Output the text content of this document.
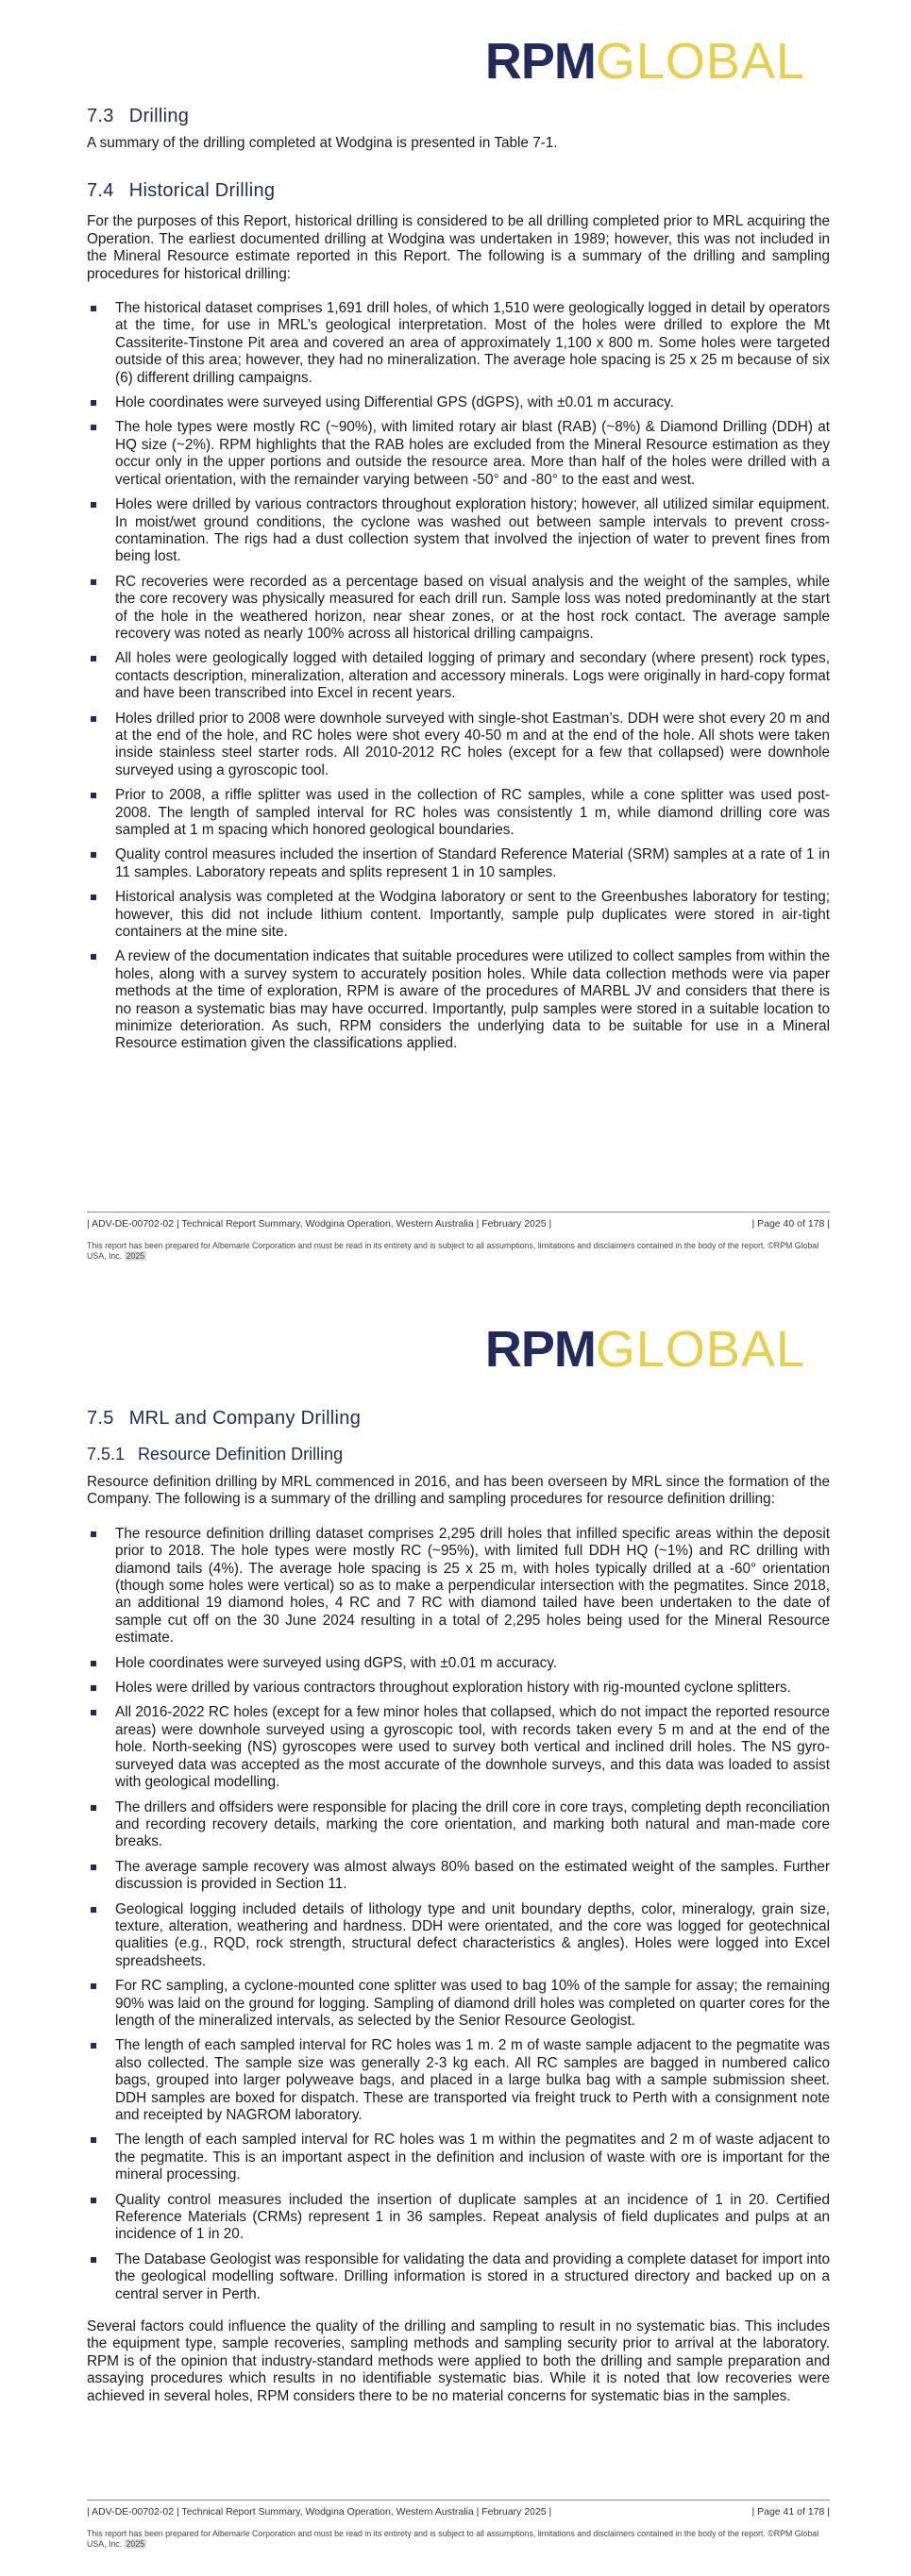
RPM GLOBAL
7.3 Drilling

A summary of the drilling completed at Wodgina is presented in Table 7-1.

7.4 Historical Drilling

For the purposes of this Report, historical drilling is considered to be all drilling completed prior to MRL acquiring the Operation. The earliest documented drilling at Wodgina was undertaken in 1989; however, this was not included in the Mineral Resource estimate reported in this Report. The following is a summary of the drilling and sampling procedures for historical drilling:

The historical dataset comprises 1,691 drill holes, of which 1,510 were geologically logged in detail by operators at the time, for use in MRL’s geological interpretation. Most of the holes were drilled to explore the Mt Cassiterite-Tinstone Pit area and covered an area of approximately 1,100 x 800 m. Some holes were targeted outside of this area; however, they had no mineralization. The average hole spacing is 25 x 25 m because of six (6) different drilling campaigns.
Hole coordinates were surveyed using Differential GPS (dGPS), with ±0.01 m accuracy.
The hole types were mostly RC (~90%), with limited rotary air blast (RAB) (~8%) & Diamond Drilling (DDH) at HQ size (~2%). RPM highlights that the RAB holes are excluded from the Mineral Resource estimation as they occur only in the upper portions and outside the resource area. More than half of the holes were drilled with a vertical orientation, with the remainder varying between -50° and -80° to the east and west.
Holes were drilled by various contractors throughout exploration history; however, all utilized similar equipment. In moist/wet ground conditions, the cyclone was washed out between sample intervals to prevent cross-contamination. The rigs had a dust collection system that involved the injection of water to prevent fines from being lost.
RC recoveries were recorded as a percentage based on visual analysis and the weight of the samples, while the core recovery was physically measured for each drill run. Sample loss was noted predominantly at the start of the hole in the weathered horizon, near shear zones, or at the host rock contact. The average sample recovery was noted as nearly 100% across all historical drilling campaigns.
All holes were geologically logged with detailed logging of primary and secondary (where present) rock types, contacts description, mineralization, alteration and accessory minerals. Logs were originally in hard-copy format and have been transcribed into Excel in recent years.
Holes drilled prior to 2008 were downhole surveyed with single-shot Eastman’s. DDH were shot every 20 m and at the end of the hole, and RC holes were shot every 40-50 m and at the end of the hole. All shots were taken inside stainless steel starter rods. All 2010-2012 RC holes (except for a few that collapsed) were downhole surveyed using a gyroscopic tool.
Prior to 2008, a riffle splitter was used in the collection of RC samples, while a cone splitter was used post-2008. The length of sampled interval for RC holes was consistently 1 m, while diamond drilling core was sampled at 1 m spacing which honored geological boundaries.
Quality control measures included the insertion of Standard Reference Material (SRM) samples at a rate of 1 in 11 samples. Laboratory repeats and splits represent 1 in 10 samples.
Historical analysis was completed at the Wodgina laboratory or sent to the Greenbushes laboratory for testing; however, this did not include lithium content. Importantly, sample pulp duplicates were stored in air-tight containers at the mine site.
A review of the documentation indicates that suitable procedures were utilized to collect samples from within the holes, along with a survey system to accurately position holes. While data collection methods were via paper methods at the time of exploration, RPM is aware of the procedures of MARBL JV and considers that there is no reason a systematic bias may have occurred. Importantly, pulp samples were stored in a suitable location to minimize deterioration. As such, RPM considers the underlying data to be suitable for use in a Mineral Resource estimation given the classifications applied.
| ADV-DE-00702-02 | Technical Report Summary, Wodgina Operation, Western Australia | February 2025 |	| Page 40 of 178 |

This report has been prepared for Albemarle Corporation and must be read in its entirety and is subject to all assumptions, limitations and disclaimers contained in the body of the report. ©RPM Global USA, Inc. 2025

RPM GLOBAL
7.5 MRL and Company Drilling
7.5.1 Resource Definition Drilling

Resource definition drilling by MRL commenced in 2016, and has been overseen by MRL since the formation of the Company. The following is a summary of the drilling and sampling procedures for resource definition drilling:

The resource definition drilling dataset comprises 2,295 drill holes that infilled specific areas within the deposit prior to 2018. The hole types were mostly RC (~95%), with limited full DDH HQ (~1%) and RC drilling with diamond tails (4%). The average hole spacing is 25 x 25 m, with holes typically drilled at a -60° orientation (though some holes were vertical) so as to make a perpendicular intersection with the pegmatites. Since 2018, an additional 19 diamond holes, 4 RC and 7 RC with diamond tailed have been undertaken to the date of sample cut off on the 30 June 2024 resulting in a total of 2,295 holes being used for the Mineral Resource estimate.
Hole coordinates were surveyed using dGPS, with ±0.01 m accuracy.
Holes were drilled by various contractors throughout exploration history with rig-mounted cyclone splitters.
All 2016-2022 RC holes (except for a few minor holes that collapsed, which do not impact the reported resource areas) were downhole surveyed using a gyroscopic tool, with records taken every 5 m and at the end of the hole. North-seeking (NS) gyroscopes were used to survey both vertical and inclined drill holes. The NS gyro-surveyed data was accepted as the most accurate of the downhole surveys, and this data was loaded to assist with geological modelling.
The drillers and offsiders were responsible for placing the drill core in core trays, completing depth reconciliation and recording recovery details, marking the core orientation, and marking both natural and man-made core breaks.
The average sample recovery was almost always 80% based on the estimated weight of the samples. Further discussion is provided in Section 11.
Geological logging included details of lithology type and unit boundary depths, color, mineralogy, grain size, texture, alteration, weathering and hardness. DDH were orientated, and the core was logged for geotechnical qualities (e.g., RQD, rock strength, structural defect characteristics & angles). Holes were logged into Excel spreadsheets.
For RC sampling, a cyclone-mounted cone splitter was used to bag 10% of the sample for assay; the remaining 90% was laid on the ground for logging. Sampling of diamond drill holes was completed on quarter cores for the length of the mineralized intervals, as selected by the Senior Resource Geologist.
The length of each sampled interval for RC holes was 1 m. 2 m of waste sample adjacent to the pegmatite was also collected. The sample size was generally 2-3 kg each. All RC samples are bagged in numbered calico bags, grouped into larger polyweave bags, and placed in a large bulka bag with a sample submission sheet. DDH samples are boxed for dispatch. These are transported via freight truck to Perth with a consignment note and receipted by NAGROM laboratory.
The length of each sampled interval for RC holes was 1 m within the pegmatites and 2 m of waste adjacent to the pegmatite. This is an important aspect in the definition and inclusion of waste with ore is important for the mineral processing.
Quality control measures included the insertion of duplicate samples at an incidence of 1 in 20. Certified Reference Materials (CRMs) represent 1 in 36 samples. Repeat analysis of field duplicates and pulps at an incidence of 1 in 20.
The Database Geologist was responsible for validating the data and providing a complete dataset for import into the geological modelling software. Drilling information is stored in a structured directory and backed up on a central server in Perth.

Several factors could influence the quality of the drilling and sampling to result in no systematic bias. This includes the equipment type, sample recoveries, sampling methods and sampling security prior to arrival at the laboratory. RPM is of the opinion that industry-standard methods were applied to both the drilling and sample preparation and assaying procedures which results in no identifiable systematic bias. While it is noted that low recoveries were achieved in several holes, RPM considers there to be no material concerns for systematic bias in the samples.

| ADV-DE-00702-02 | Technical Report Summary, Wodgina Operation, Western Australia | February 2025 |	| Page 41 of 178 |

This report has been prepared for Albemarle Corporation and must be read in its entirety and is subject to all assumptions, limitations and disclaimers contained in the body of the report. ©RPM Global USA, Inc. 2025
